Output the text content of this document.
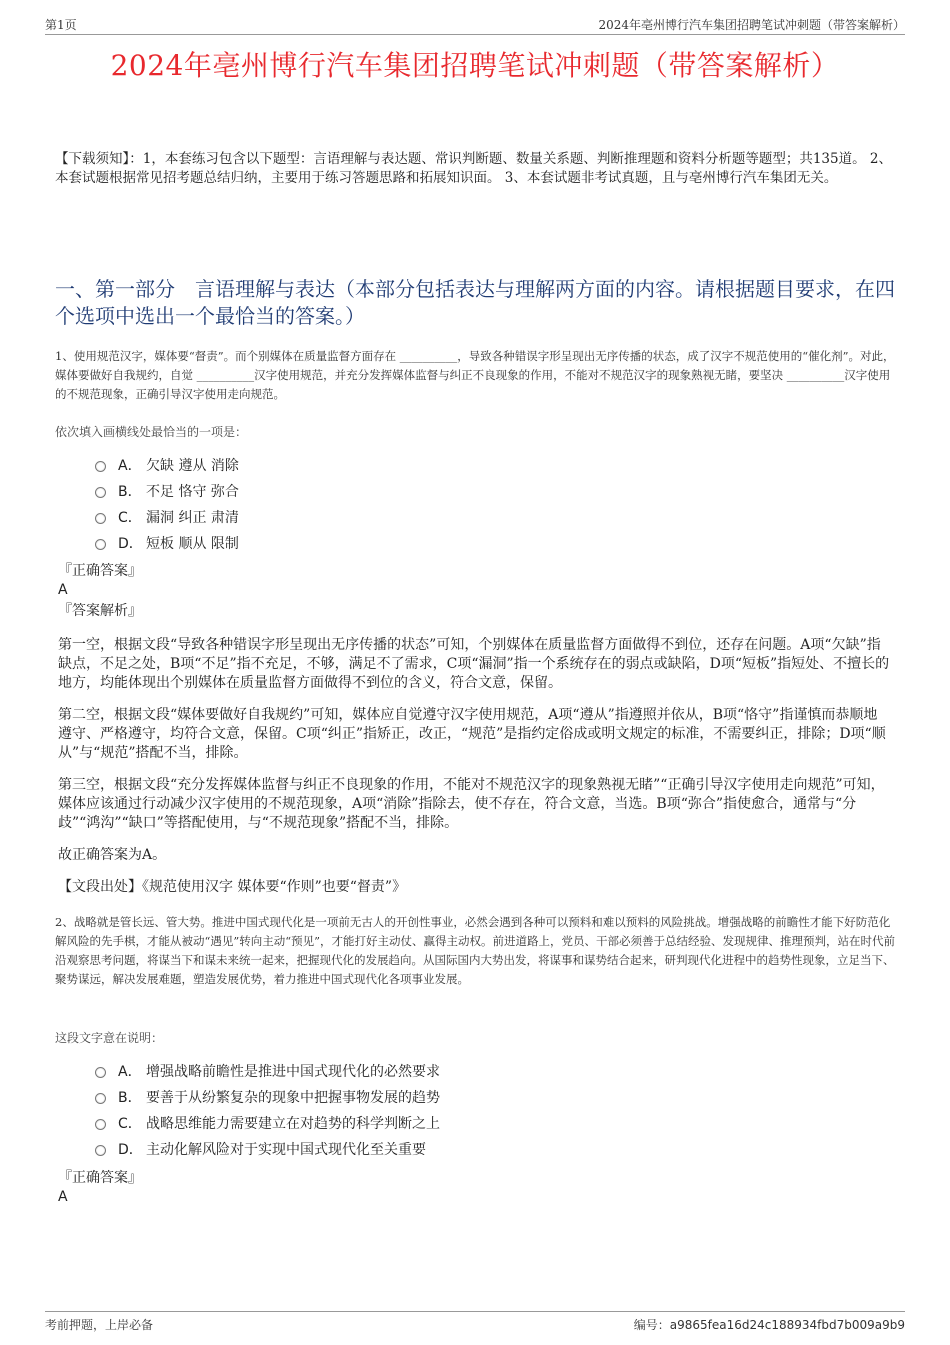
第1页	2024年亳州博行汽车集团招聘笔试冲刺题（带答案解析）
2024年亳州博行汽车集团招聘笔试冲刺题（带答案解析）
【下载须知】：1，本套练习包含以下题型：言语理解与表达题、常识判断题、数量关系题、判断推理题和资料分析题等题型；共135道。 2、本套试题根据常见招考题总结归纳，主要用于练习答题思路和拓展知识面。 3、本套试题非考试真题，且与亳州博行汽车集团无关。
一、第一部分　言语理解与表达（本部分包括表达与理解两方面的内容。请根据题目要求，在四个选项中选出一个最恰当的答案。）
1、使用规范汉字，媒体要“督责”。而个别媒体在质量监督方面存在 __________，导致各种错误字形呈现出无序传播的状态，成了汉字不规范使用的“催化剂”。对此，媒体要做好自我规约，自觉 __________汉字使用规范，并充分发挥媒体监督与纠正不良现象的作用，不能对不规范汉字的现象熟视无睹，要坚决 __________汉字使用的不规范现象，正确引导汉字使用走向规范。
依次填入画横线处最恰当的一项是：
A． 欠缺 遵从 消除
B． 不足 恪守 弥合
C． 漏洞 纠正 肃清
D． 短板 顺从 限制
『正确答案』
A
『答案解析』

第一空，根据文段“导致各种错误字形呈现出无序传播的状态”可知，个别媒体在质量监督方面做得不到位，还存在问题。A项“欠缺”指缺点，不足之处，B项“不足”指不充足，不够，满足不了需求，C项“漏洞”指一个系统存在的弱点或缺陷，D项“短板”指短处、不擅长的地方，均能体现出个别媒体在质量监督方面做得不到位的含义，符合文意，保留。

第二空，根据文段“媒体要做好自我规约”可知，媒体应自觉遵守汉字使用规范，A项“遵从”指遵照并依从，B项“恪守”指谨慎而恭顺地遵守、严格遵守，均符合文意，保留。C项“纠正”指矫正，改正，“规范”是指约定俗成或明文规定的标准，不需要纠正，排除；D项“顺从”与“规范”搭配不当，排除。

第三空，根据文段“充分发挥媒体监督与纠正不良现象的作用，不能对不规范汉字的现象熟视无睹”“正确引导汉字使用走向规范”可知，媒体应该通过行动减少汉字使用的不规范现象，A项“消除”指除去，使不存在，符合文意，当选。B项“弥合”指使愈合，通常与“分歧”“鸿沟”“缺口”等搭配使用，与“不规范现象”搭配不当，排除。

故正确答案为A。

【文段出处】《规范使用汉字 媒体要“作则”也要“督责”》

2、战略就是管长远、管大势。推进中国式现代化是一项前无古人的开创性事业，必然会遇到各种可以预料和难以预料的风险挑战。增强战略的前瞻性才能下好防范化解风险的先手棋，才能从被动“遇见”转向主动“预见”，才能打好主动仗、赢得主动权。前进道路上，党员、干部必须善于总结经验、发现规律、推理预判，站在时代前沿观察思考问题，将谋当下和谋未来统一起来，把握现代化的发展趋向。从国际国内大势出发，将谋事和谋势结合起来，研判现代化进程中的趋势性现象，立足当下、聚势谋远，解决发展难题，塑造发展优势，着力推进中国式现代化各项事业发展。
这段文字意在说明：
A． 增强战略前瞻性是推进中国式现代化的必然要求
B． 要善于从纷繁复杂的现象中把握事物发展的趋势
C． 战略思维能力需要建立在对趋势的科学判断之上
D． 主动化解风险对于实现中国式现代化至关重要
『正确答案』
A
考前押题，上岸必备	编号：a9865fea16d24c188934fbd7b009a9b9
